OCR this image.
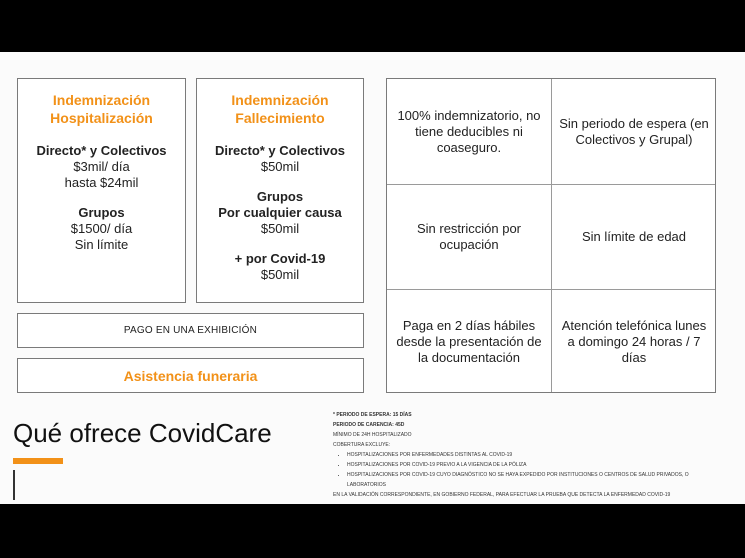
Indemnización Hospitalización
Directo* y Colectivos
$3mil/ día
hasta $24mil
Grupos
$1500/ día
Sin límite
Indemnización Fallecimiento
Directo* y Colectivos
$50mil
Grupos
Por cualquier causa
$50mil
+ por Covid-19
$50mil
PAGO EN UNA EXHIBICIÓN
Asistencia funeraria
100% indemnizatorio, no tiene deducibles ni coaseguro.
Sin periodo de espera (en Colectivos y Grupal)
Sin restricción por ocupación
Sin límite de edad
Paga en 2 días hábiles desde la presentación de la documentación
Atención telefónica lunes a domingo 24 horas / 7 días
Qué ofrece CovidCare
* PERIODO DE ESPERA: 15 DÍAS
PERIODO DE CARENCIA: 45D
MÍNIMO DE 24H HOSPITALIZADO
COBERTURA EXCLUYE:
• HOSPITALIZACIONES POR ENFERMEDADES DISTINTAS AL COVID-19
• HOSPITALIZACIONES POR COVID-19 PREVIO A LA VIGENCIA DE LA PÓLIZA
• HOSPITALIZACIONES POR COVID-19 CUYO DIAGNÓSTICO NO SE HAYA EXPEDIDO POR INSTITUCIONES O CENTROS DE SALUD PRIVADOS, O LABORATORIOS
EN LA VALIDACIÓN CORRESPONDIENTE, EN GOBIERNO FEDERAL, PARA EFECTUAR LA PRUEBA QUE DETECTA LA ENFERMEDAD COVID-19
